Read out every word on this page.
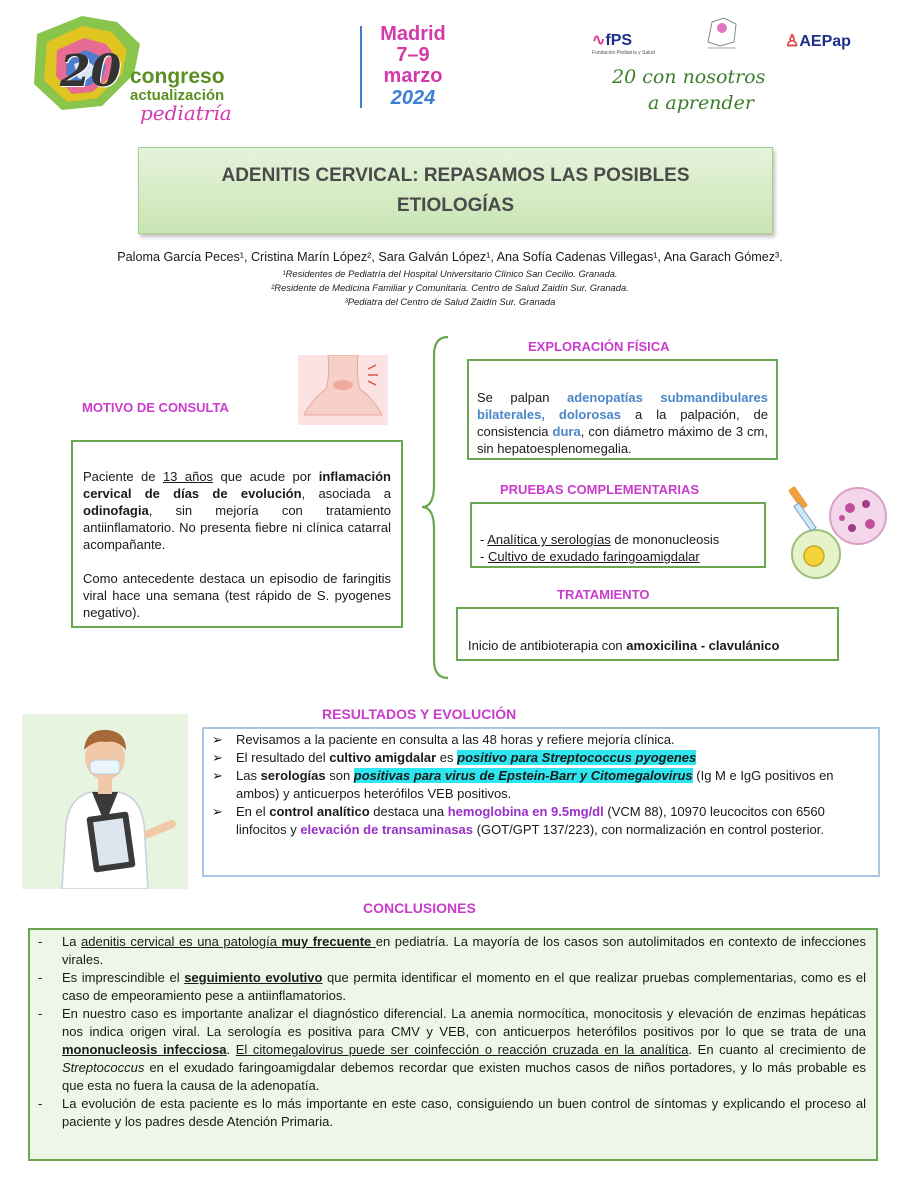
20 congreso
actualización
pediatría
Madrid
7–9
marzo
2024
∿fPS
Fundación Pediatría y Salud
♙AEPap
20 con nosotros
a aprender
ADENITIS CERVICAL: REPASAMOS LAS POSIBLES ETIOLOGÍAS
Paloma García Peces¹, Cristina Marín López², Sara Galván López¹, Ana Sofía Cadenas Villegas¹, Ana Garach Gómez³.
¹Residentes de Pediatría del Hospital Universitario Clínico San Cecilio. Granada.
²Residente de Medicina Familiar y Comunitaria. Centro de Salud Zaidín Sur. Granada.
³Pediatra del Centro de Salud Zaidín Sur. Granada
MOTIVO DE CONSULTA

Paciente de 13 años que acude por inflamación cervical de días de evolución, asociada a odinofagia, sin mejoría con tratamiento antiinflamatorio. No presenta fiebre ni clínica catarral acompañante.

Como antecedente destaca un episodio de faringitis viral hace una semana (test rápido de S. pyogenes negativo).

EXPLORACIÓN FÍSICA

Se palpan adenopatías submandibulares bilaterales, dolorosas a la palpación, de consistencia dura, con diámetro máximo de 3 cm, sin hepatoesplenomegalia.

PRUEBAS COMPLEMENTARIAS

- Analítica y serologías de mononucleosis

- Cultivo de exudado faringoamigdalar

TRATAMIENTO

Inicio de antibioterapia con amoxicilina - clavulánico

RESULTADOS Y EVOLUCIÓN
➢ Revisamos a la paciente en consulta a las 48 horas y refiere mejoría clínica.
➢ El resultado del cultivo amigdalar es positivo para Streptococcus pyogenes
➢ Las serologías son positivas para virus de Epstein-Barr y Citomegalovirus (Ig M e IgG positivos en ambos) y anticuerpos heterófilos VEB positivos.
➢ En el control analítico destaca una hemoglobina en 9.5mg/dl (VCM 88), 10970 leucocitos con 6560 linfocitos y elevación de transaminasas (GOT/GPT 137/223), con normalización en control posterior.
CONCLUSIONES
- La adenitis cervical es una patología muy frecuente en pediatría. La mayoría de los casos son autolimitados en contexto de infecciones virales.
- Es imprescindible el seguimiento evolutivo que permita identificar el momento en el que realizar pruebas complementarias, como es el caso de empeoramiento pese a antiinflamatorios.
- En nuestro caso es importante analizar el diagnóstico diferencial. La anemia normocítica, monocitosis y elevación de enzimas hepáticas nos indica origen viral. La serología es positiva para CMV y VEB, con anticuerpos heterófilos positivos por lo que se trata de una mononucleosis infecciosa. El citomegalovirus puede ser coinfección o reacción cruzada en la analítica. En cuanto al crecimiento de Streptococcus en el exudado faringoamigdalar debemos recordar que existen muchos casos de niños portadores, y lo más probable es que esta no fuera la causa de la adenopatía.
- La evolución de esta paciente es lo más importante en este caso, consiguiendo un buen control de síntomas y explicando el proceso al paciente y los padres desde Atención Primaria.
